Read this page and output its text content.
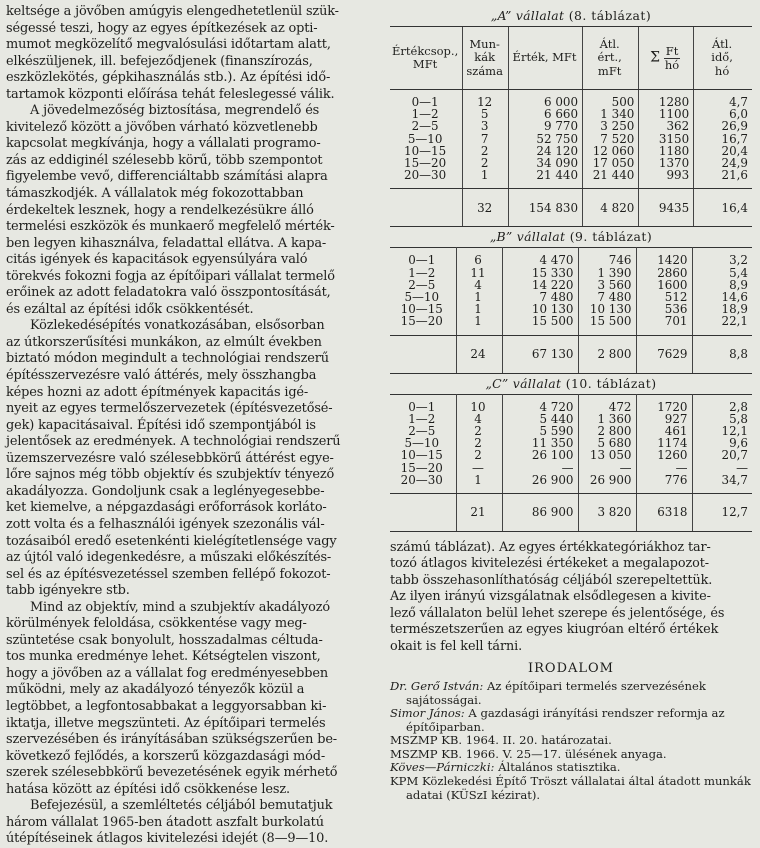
keltsége a jövőben amúgyis elengedhetetlenül szük-

ségessé teszi, hogy az egyes építkezések az opti-

mumot megközelítő megvalósulási időtartam alatt,

elkészüljenek, ill. befejeződjenek (finanszírozás,

eszközlekötés, gépkihasználás stb.). Az építési idő-

tartamok központi előírása tehát feleslegessé válik.

A jövedelmezőség biztosítása, megrendelő és

kivitelező között a jövőben várható közvetlenebb

kapcsolat megkívánja, hogy a vállalati programo-

zás az eddiginél szélesebb körű, több szempontot

figyelembe vevő, differenciáltabb számítási alapra

támaszkodjék. A vállalatok még fokozottabban

érdekeltek lesznek, hogy a rendelkezésükre álló

termelési eszközök és munkaerő megfelelő mérték-

ben legyen kihasználva, feladattal ellátva. A kapa-

citás igények és kapacitások egyensúlyára való

törekvés fokozni fogja az építőipari vállalat termelő

erőinek az adott feladatokra való összpontosítását,

és ezáltal az építési idők csökkentését.

Közlekedésépítés vonatkozásában, elsősorban

az útkorszerűsítési munkákon, az elmúlt években

biztató módon megindult a technológiai rendszerű

építésszervezésre való áttérés, mely összhangba

képes hozni az adott építmények kapacitás igé-

nyeit az egyes termelőszervezetek (építésvezetősé-

gek) kapacitásaival. Építési idő szempontjából is

jelentősek az eredmények. A technológiai rendszerű

üzemszervezésre való szélesebbkörű áttérést egye-

lőre sajnos még több objektív és szubjektív tényező

akadályozza. Gondoljunk csak a leglényegesebbe-

ket kiemelve, a népgazdasági erőforrások korláto-

zott volta és a felhasználói igények szezonális vál-

tozásaiból eredő esetenkénti kielégítetlensége vagy

az újtól való idegenkedésre, a műszaki előkészítés-

sel és az építésvezetéssel szemben fellépő fokozot-

tabb igényekre stb.

Mind az objektív, mind a szubjektív akadályozó

körülmények feloldása, csökkentése vagy meg-

szüntetése csak bonyolult, hosszadalmas céltuda-

tos munka eredménye lehet. Kétségtelen viszont,

hogy a jövőben az a vállalat fog eredményesebben

működni, mely az akadályozó tényezők közül a

legtöbbet, a legfontosabbakat a leggyorsabban ki-

iktatja, illetve megszünteti. Az építőipari termelés

szervezésében és irányításában szükségszerűen be-

következő fejlődés, a korszerű közgazdasági mód-

szerek szélesebbkörű bevezetésének egyik mérhető

hatása között az építési idő csökkenése lesz.

Befejezésül, a szemléltetés céljából bemutatjuk

három vállalat 1965-ben átadott aszfalt burkolatú

útépítéseinek átlagos kivitelezési idejét (8—9—10.

„A” vállalat (8. táblázat)
Értékcsop.,
MFt	Mun-
kák
száma	Érték, MFt	Átl.
ért.,
mFt	Σ $\frac{Ft}{hó}$	Átl.
idő,
hó
0—1	12	6 000	500	1280	4,7
1—2	5	6 660	1 340	1100	6,0
2—5	3	9 770	3 250	362	26,9
5—10	7	52 750	7 520	3150	16,7
10—15	2	24 120	12 060	1180	20,4
15—20	2	34 090	17 050	1370	24,9
20—30	1	21 440	21 440	993	21,6
	32	154 830	4 820	9435	16,4
„B” vállalat (9. táblázat)
0—1	6	4 470	746	1420	3,2
1—2	11	15 330	1 390	2860	5,4
2—5	4	14 220	3 560	1600	8,9
5—10	1	7 480	7 480	512	14,6
10—15	1	10 130	10 130	536	18,9
15—20	1	15 500	15 500	701	22,1
	24	67 130	2 800	7629	8,8
„C” vállalat (10. táblázat)
0—1	10	4 720	472	1720	2,8
1—2	4	5 440	1 360	927	5,8
2—5	2	5 590	2 800	461	12,1
5—10	2	11 350	5 680	1174	9,6
10—15	2	26 100	13 050	1260	20,7
15—20	—	—	—	—	—
20—30	1	26 900	26 900	776	34,7
	21	86 900	3 820	6318	12,7

számú táblázat). Az egyes értékkategóriákhoz tar-

tozó átlagos kivitelezési értékeket a megalapozot-

tabb összehasonlíthatóság céljából szerepeltettük.

Az ilyen irányú vizsgálatnak elsődlegesen a kivite-

lező vállalaton belül lehet szerepe és jelentősége, és

természetszerűen az egyes kiugróan eltérő értékek

okait is fel kell tárni.

IRODALOM
Dr. Gerő István: Az építőipari termelés szervezésének sajátosságai.
Simor János: A gazdasági irányítási rendszer reformja az építőiparban.
MSZMP KB. 1964. II. 20. határozatai.
MSZMP KB. 1966. V. 25—17. ülésének anyaga.
Köves—Párniczki: Általános statisztika.
KPM Közlekedési Építő Tröszt vállalatai által átadott munkák adatai (KÜSzI kézirat).
